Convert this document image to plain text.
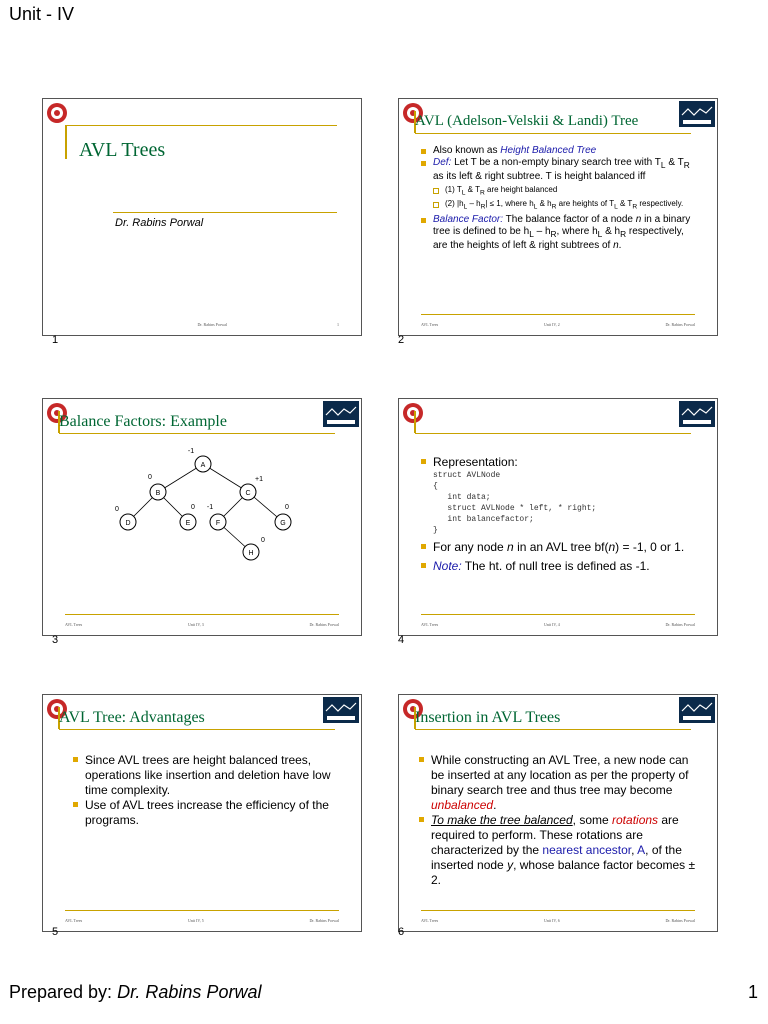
Unit - IV
AVL Trees
Dr. Rabins Porwal
Dr. Rabins Porwal	1
1
AVL (Adelson-Velskii & Landi) Tree
Also known as Height Balanced Tree
Def: Let T be a non-empty binary search tree with $T_L$ & $T_R$ as its left & right subtree. T is height balanced iff
(1) $T_L$ & $T_R$ are height balanced
(2) $|h_L - h_R| \le 1$, where $h_L$ & $h_R$ are heights of $T_L$ & $T_R$ respectively.
Balance Factor: The balance factor of a node n in a binary tree is defined to be $h_L - h_R$, where $h_L$ & $h_R$ respectively, are the heights of left & right subtrees of n.
AVL Trees	Unit IV, 2	Dr. Rabins Porwal
2
Balance Factors: Example
A
-1
B
0
C
+1
D
0
E
0
F
-1
G
0
H
0
AVL Trees	Unit IV, 3	Dr. Rabins Porwal
3
Representation:
struct AVLNode
{
int data;
struct AVLNode * left, * right;
int balancefactor;
}
For any node n in an AVL tree bf(n) = -1, 0 or 1.
Note: The ht. of null tree is defined as -1.
AVL Trees	Unit IV, 4	Dr. Rabins Porwal
4
AVL Tree: Advantages
Since AVL trees are height balanced trees, operations like insertion and deletion have low time complexity.
Use of AVL trees increase the efficiency of the programs.
AVL Trees	Unit IV, 5	Dr. Rabins Porwal
5
Insertion in AVL Trees
While constructing an AVL Tree, a new node can be inserted at any location as per the property of binary search tree and thus tree may become unbalanced.
To make the tree balanced, some rotations are required to perform. These rotations are characterized by the nearest ancestor, A, of the inserted node y, whose balance factor becomes ± 2.
AVL Trees	Unit IV, 6	Dr. Rabins Porwal
6
Prepared by: Dr. Rabins Porwal	1
